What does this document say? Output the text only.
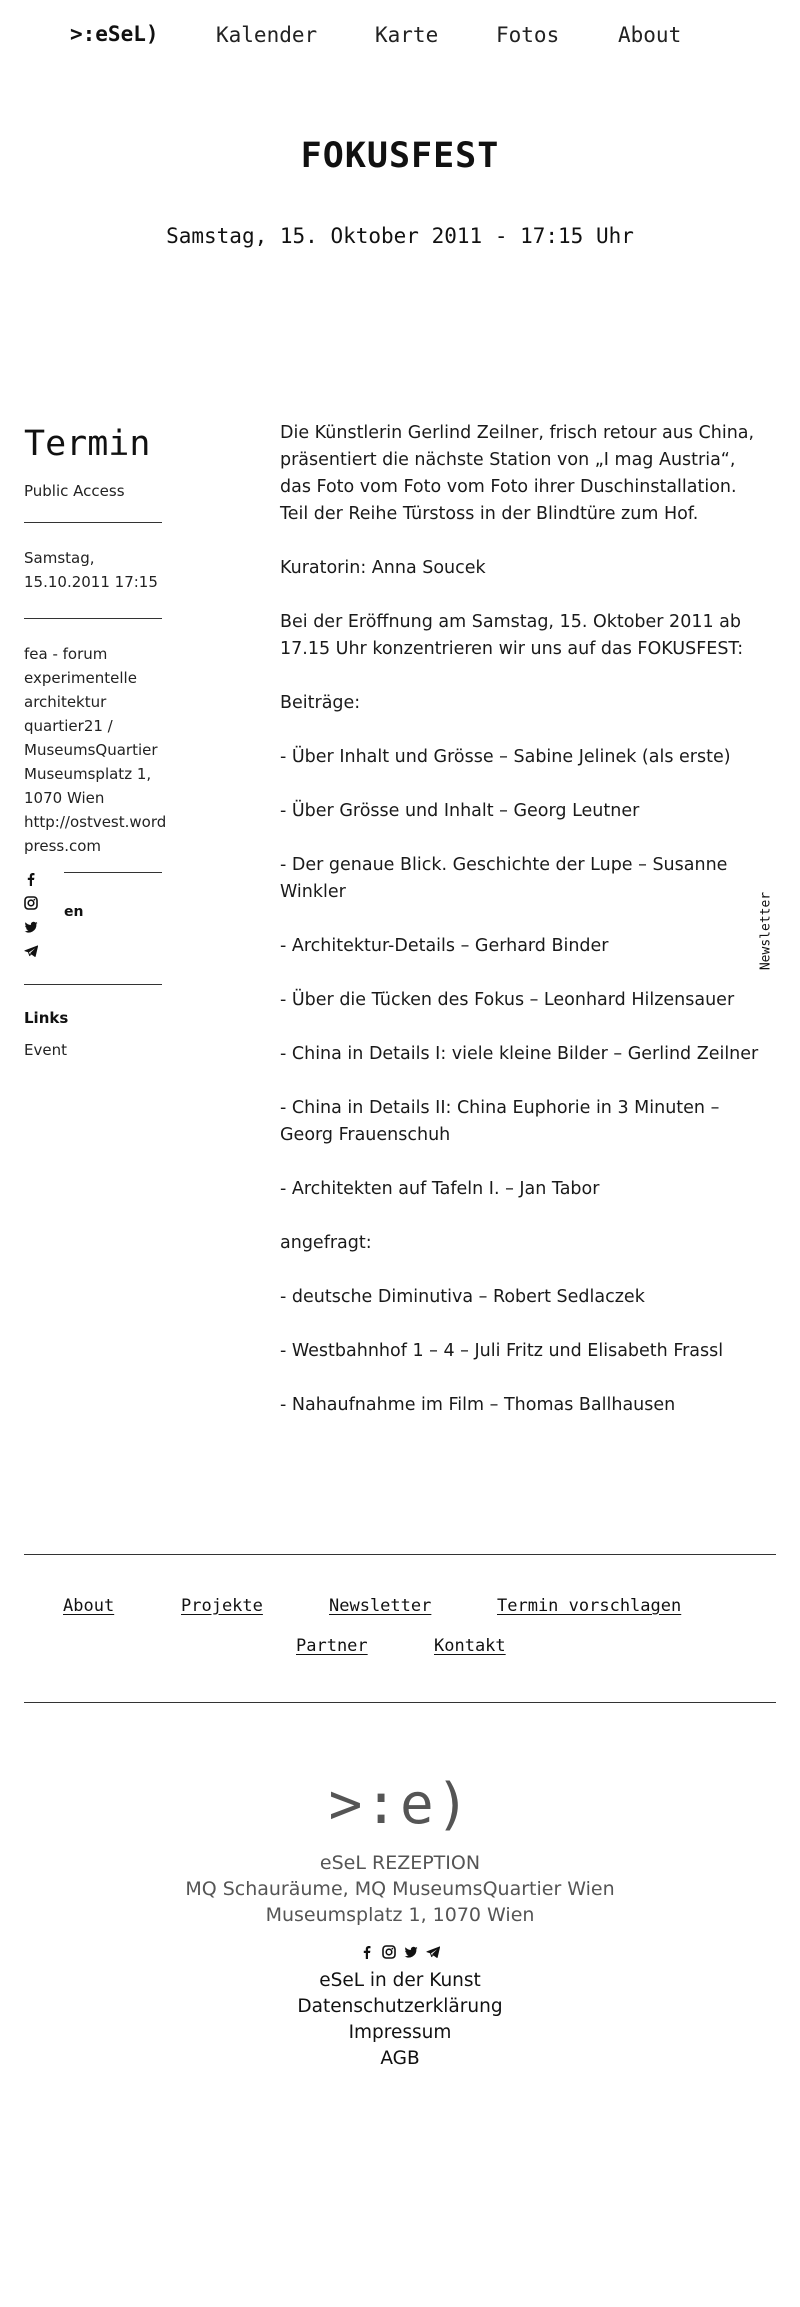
>:eSeL)	Kalender	Karte	Fotos	About
FOKUSFEST
Samstag, 15. Oktober 2011 - 17:15 Uhr
Termin
Public Access
Samstag,
15.10.2011 17:15
fea - forum
experimentelle
architektur
quartier21 /
MuseumsQuartier
Museumsplatz 1,
1070 Wien
http://ostvest.word
press.com
en
Links
Event

Die Künstlerin Gerlind Zeilner, frisch retour aus China, präsentiert die nächste Station von „I mag Austria“, das Foto vom Foto vom Foto ihrer Duschinstallation. Teil der Reihe Türstoss in der Blindtüre zum Hof.

Kuratorin: Anna Soucek

Bei der Eröffnung am Samstag, 15. Oktober 2011 ab 17.15 Uhr konzentrieren wir uns auf das FOKUSFEST:

Beiträge:

- Über Inhalt und Grösse – Sabine Jelinek (als erste)

- Über Grösse und Inhalt – Georg Leutner

- Der genaue Blick. Geschichte der Lupe – Susanne Winkler

- Architektur-Details – Gerhard Binder

- Über die Tücken des Fokus – Leonhard Hilzensauer

- China in Details I: viele kleine Bilder – Gerlind Zeilner

- China in Details II: China Euphorie in 3 Minuten – Georg Frauenschuh

- Architekten auf Tafeln I. – Jan Tabor

angefragt:

- deutsche Diminutiva – Robert Sedlaczek

- Westbahnhof 1 – 4 – Juli Fritz und Elisabeth Frassl

- Nahaufnahme im Film – Thomas Ballhausen

Newsletter
About	Projekte	Newsletter	Termin vorschlagen
Partner	Kontakt
>:e)
eSeL REZEPTION
MQ Schauräume, MQ MuseumsQuartier Wien
Museumsplatz 1, 1070 Wien
eSeL in der Kunst
Datenschutzerklärung
Impressum
AGB
